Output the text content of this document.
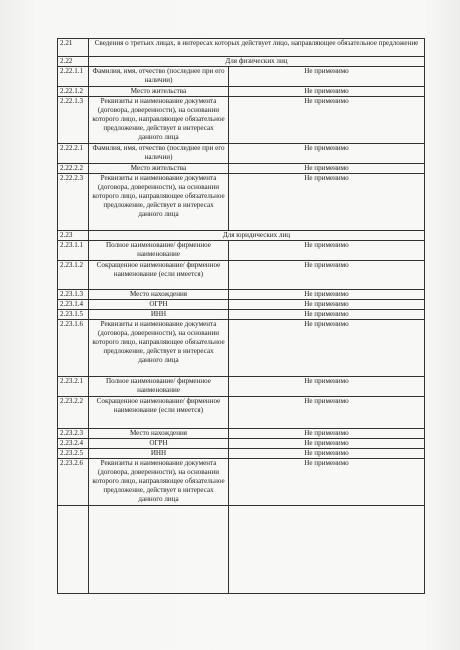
2.21	Сведения о третьих лицах, в интересах которых действует лицо, направляющее обязательное предложение	
2.22	Для физических лиц	
2.22.1.1	Фамилия, имя, отчество (последнее при его наличии)	Не применимо
2.22.1.2	Место жительства	Не применимо
2.22.1.3	Реквизиты и наименование документа (договора, доверенности), на основании которого лицо, направляющее обязательное предложение, действует в интересах данного лица	Не применимо
2.22.2.1	Фамилия, имя, отчество (последнее при его наличии)	Не применимо
2.22.2.2	Место жительства	Не применимо
2.22.2.3	Реквизиты и наименование документа (договора, доверенности), на основании которого лицо, направляющее обязательное предложение, действует в интересах данного лица	Не применимо
2.23	Для юридических лиц	
2.23.1.1	Полное наименование/ фирменное наименование	Не применимо
2.23.1.2	Сокращенное наименование/ фирменное наименование (если имеется)	Не применимо
2.23.1.3	Место нахождения	Не применимо
2.23.1.4	ОГРН	Не применимо
2.23.1.5	ИНН	Не применимо
2.23.1.6	Реквизиты и наименование документа (договора, доверенности), на основании которого лицо, направляющее обязательное предложение, действует в интересах данного лица	Не применимо
2.23.2.1	Полное наименование/ фирменное наименование	Не применимо
2.23.2.2	Сокращенное наименование/ фирменное наименование (если имеется)	Не применимо
2.23.2.3	Место нахождения	Не применимо
2.23.2.4	ОГРН	Не применимо
2.23.2.5	ИНН	Не применимо
2.23.2.6	Реквизиты и наименование документа (договора, доверенности), на основании которого лицо, направляющее обязательное предложение, действует в интересах данного лица	Не применимо
